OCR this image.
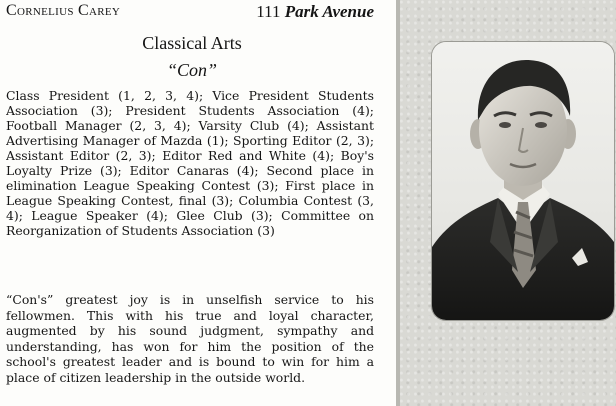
Cornelius Carey	111 Park Avenue
Classical Arts
“Con”

Class President (1, 2, 3, 4); Vice President Students Association (3); President Students Association (4); Football Manager (2, 3, 4); Varsity Club (4); Assistant Advertising Manager of Mazda (1); Sporting Editor (2, 3); Assistant Editor (2, 3); Editor Red and White (4); Boy's Loyalty Prize (3); Editor Canaras (4); Second place in elimination League Speaking Contest (3); First place in League Speaking Contest, final (3); Columbia Contest (3, 4); League Speaker (4); Glee Club (3); Committee on Reorganization of Students Association (3)

“Con's” greatest joy is in unselfish service to his fellowmen. This with his true and loyal character, augmented by his sound judgment, sympathy and understanding, has won for him the position of the school's greatest leader and is bound to win for him a place of citizen leadership in the outside world.
